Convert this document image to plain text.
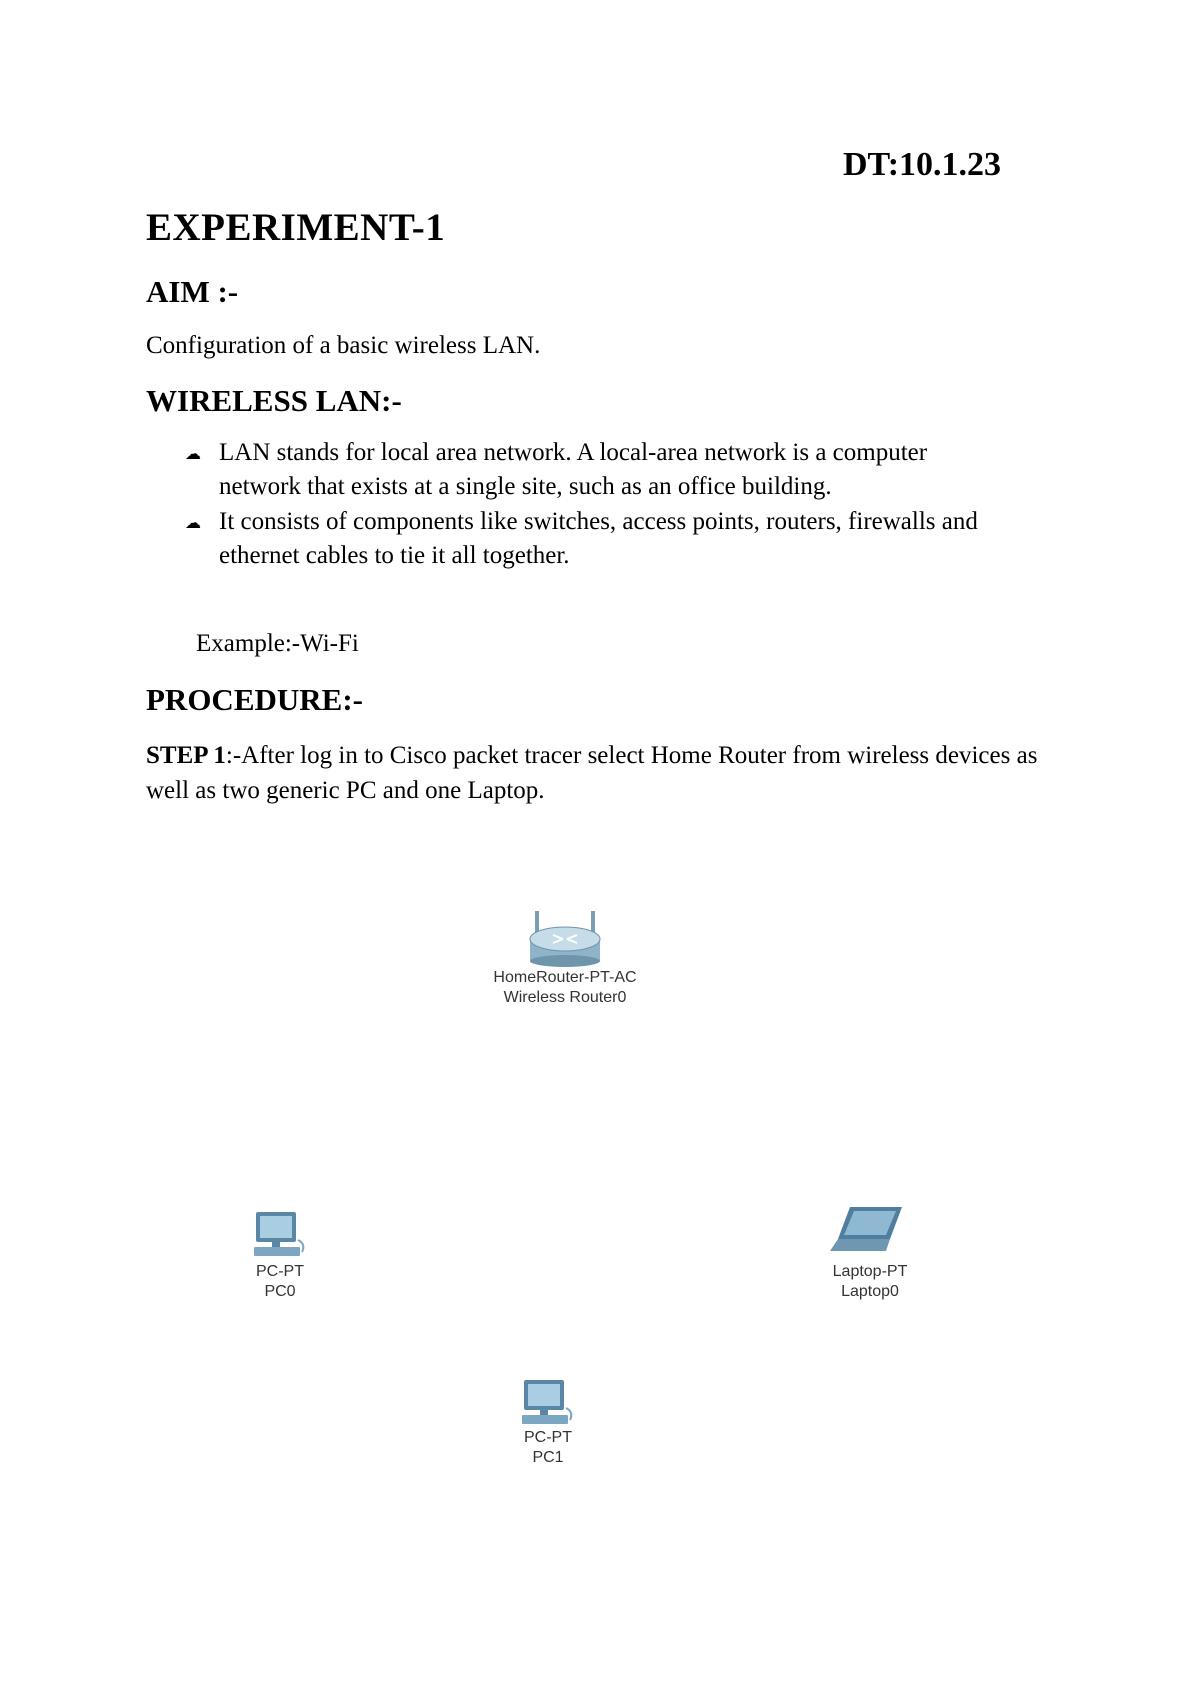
DT:10.1.23
EXPERIMENT-1
AIM :-
Configuration of a basic wireless LAN.
WIRELESS LAN:-
☁ LAN stands for local area network. A local-area network is a computer network that exists at a single site, such as an office building.
☁ It consists of components like switches, access points, routers, firewalls and ethernet cables to tie it all together.
Example:-Wi-Fi
PROCEDURE:-
STEP 1:-After log in to Cisco packet tracer select Home Router from wireless devices as well as two generic PC and one Laptop.
HomeRouter-PT-AC
Wireless Router0
PC-PT
PC0
Laptop-PT
Laptop0
PC-PT
PC1
